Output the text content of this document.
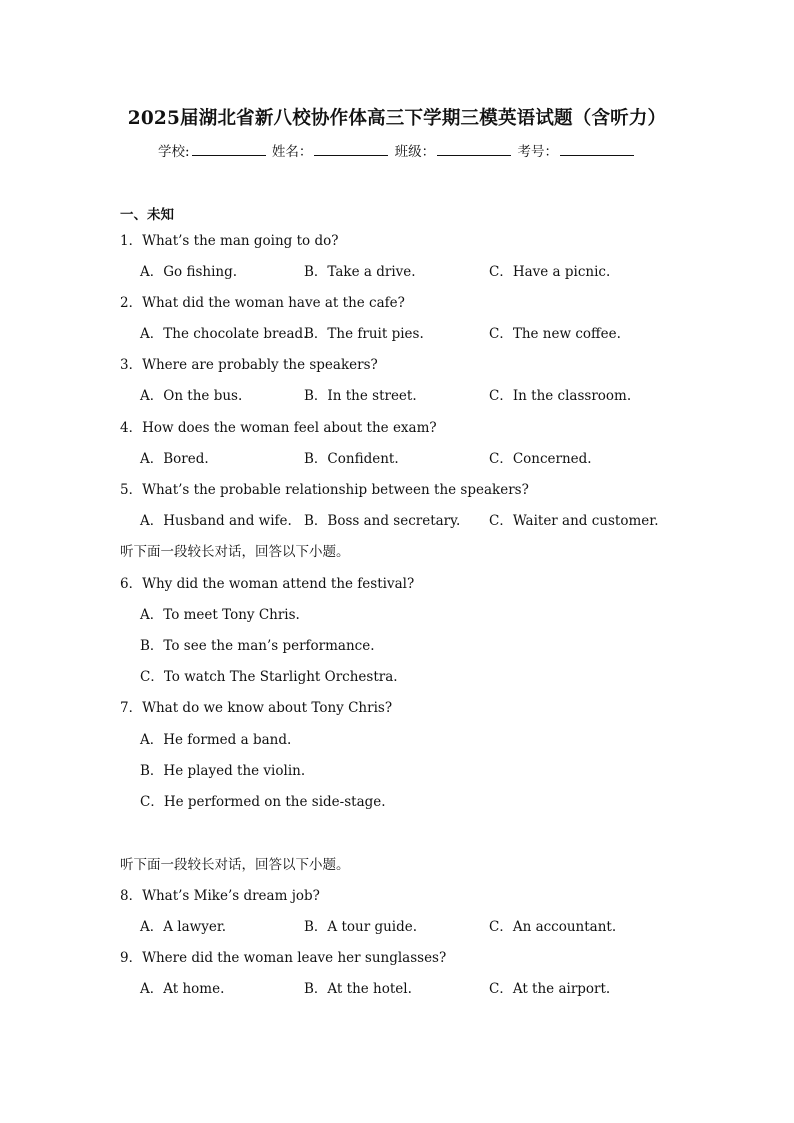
2025届湖北省新八校协作体高三下学期三模英语试题（含听力）
学校:	姓名：	班级：	考号：
一、未知
1．What’s the man going to do?
A．Go fishing.	B．Take a drive.	C．Have a picnic.
2．What did the woman have at the cafe?
A．The chocolate bread.
B．The fruit pies.	C．The new coffee.
3．Where are probably the speakers?
A．On the bus.	B．In the street.	C．In the classroom.
4．How does the woman feel about the exam?
A．Bored.	B．Confident.	C．Concerned.
5．What’s the probable relationship between the speakers?
A．Husband and wife. B．Boss and secretary. C．Waiter and customer.
听下面一段较长对话，回答以下小题。
6．Why did the woman attend the festival?
A．To meet Tony Chris.
B．To see the man’s performance.
C．To watch The Starlight Orchestra.
7．What do we know about Tony Chris?
A．He formed a band.
B．He played the violin.
C．He performed on the side-stage.
听下面一段较长对话，回答以下小题。
8．What’s Mike’s dream job?
A．A lawyer.	B．A tour guide.	C．An accountant.
9．Where did the woman leave her sunglasses?
A．At home.	B．At the hotel.	C．At the airport.
